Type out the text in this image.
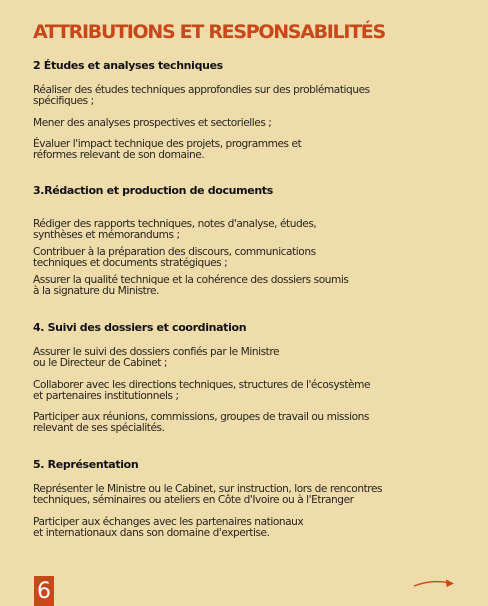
ATTRIBUTIONS ET RESPONSABILITÉS
2 Études et analyses techniques

Réaliser des études techniques approfondies sur des problématiques
spécifiques ;

Mener des analyses prospectives et sectorielles ;

Évaluer l'impact technique des projets, programmes et
réformes relevant de son domaine.

3.Rédaction et production de documents

Rédiger des rapports techniques, notes d'analyse, études,
synthèses et mémorandums ;

Contribuer à la préparation des discours, communications
techniques et documents stratégiques ;

Assurer la qualité technique et la cohérence des dossiers soumis
à la signature du Ministre.

4. Suivi des dossiers et coordination

Assurer le suivi des dossiers confiés par le Ministre
ou le Directeur de Cabinet ;

Collaborer avec les directions techniques, structures de l'écosystème
et partenaires institutionnels ;

Participer aux réunions, commissions, groupes de travail ou missions
relevant de ses spécialités.

5. Représentation

Représenter le Ministre ou le Cabinet, sur instruction, lors de rencontres
techniques, séminaires ou ateliers en Côte d'Ivoire ou à l'Etranger

Participer aux échanges avec les partenaires nationaux
et internationaux dans son domaine d'expertise.

6
